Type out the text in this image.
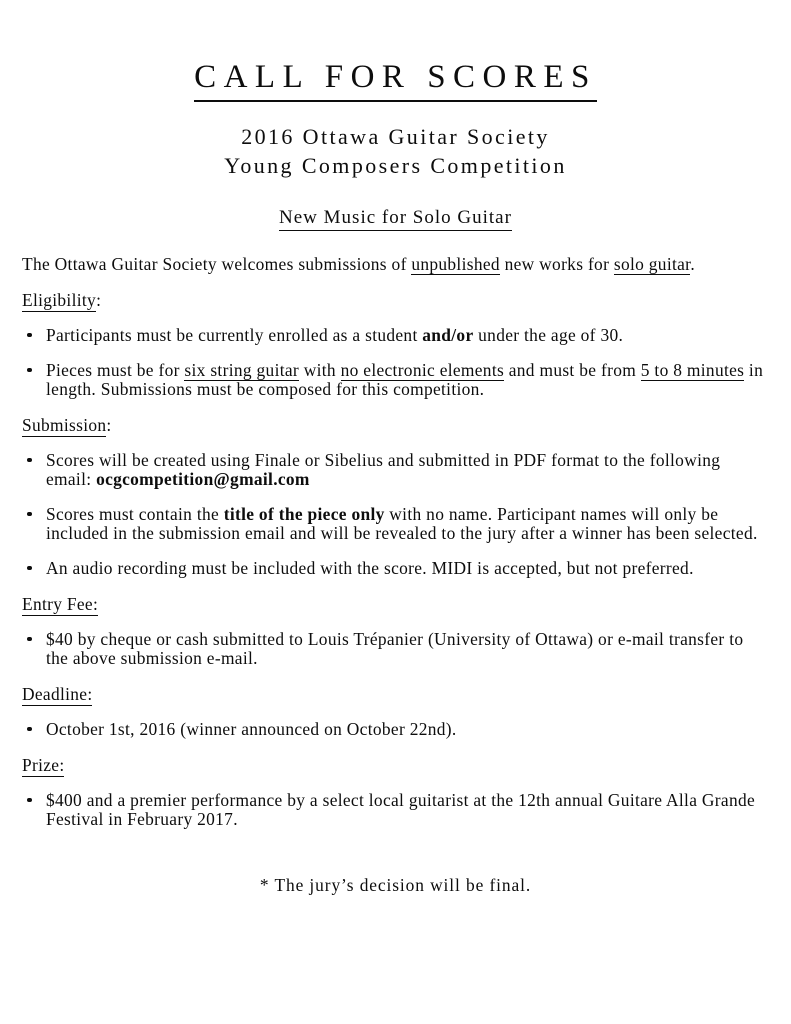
CALL FOR SCORES
2016 Ottawa Guitar Society
Young Composers Competition
New Music for Solo Guitar

The Ottawa Guitar Society welcomes submissions of unpublished new works for solo guitar.

Eligibility:
Participants must be currently enrolled as a student and/or under the age of 30.
Pieces must be for six string guitar with no electronic elements and must be from 5 to 8 minutes in length. Submissions must be composed for this competition.
Submission:
Scores will be created using Finale or Sibelius and submitted in PDF format to the following email: ocgcompetition@gmail.com
Scores must contain the title of the piece only with no name. Participant names will only be included in the submission email and will be revealed to the jury after a winner has been selected.
An audio recording must be included with the score. MIDI is accepted, but not preferred.
Entry Fee:
$40 by cheque or cash submitted to Louis Trépanier (University of Ottawa) or e-mail transfer to the above submission e-mail.
Deadline:
October 1st, 2016 (winner announced on October 22nd).
Prize:
$400 and a premier performance by a select local guitarist at the 12th annual Guitare Alla Grande Festival in February 2017.

* The jury’s decision will be final.
